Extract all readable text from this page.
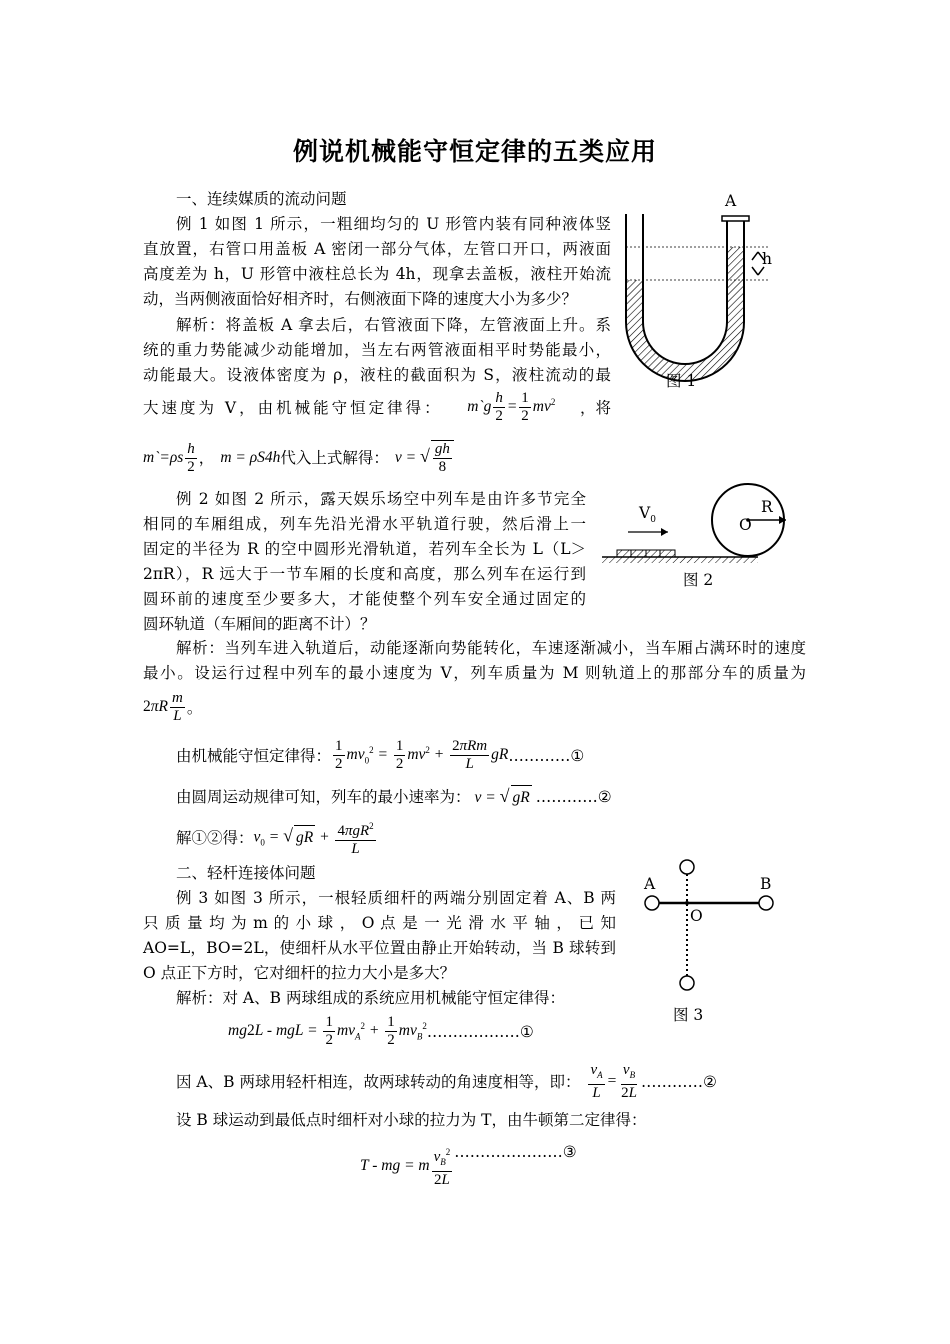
例说机械能守恒定律的五类应用
一、连续媒质的流动问题
例 1 如图 1 所示，一粗细均匀的 U 形管内装有同种液体竖
直放置，右管口用盖板 A 密闭一部分气体，左管口开口，两液面
高度差为 h，U 形管中液柱总长为 4h，现拿去盖板，液柱开始流
动，当两侧液面恰好相齐时，右侧液面下降的速度大小为多少？
解析：将盖板 A 拿去后，右管液面下降，左管液面上升。系
统的重力势能减少动能增加，当左右两管液面相平时势能最小，
动能最大。设液体密度为 ρ，液柱的截面积为 S，液柱流动的最
大速度为 V，由机械能守恒定律得： m`g $\frac{h}{2} = \frac{1}{2} mv^2$ ，将
m`=ρs $\frac{h}{2}$ ， m = ρS4h 代入上式解得： v = √ $\frac{gh}{8}$
A
h
图 1
例 2 如图 2 所示，露天娱乐场空中列车是由许多节完全
相同的车厢组成，列车先沿光滑水平轨道行驶，然后滑上一
固定的半径为 R 的空中圆形光滑轨道，若列车全长为 L（L＞
2πR），R 远大于一节车厢的长度和高度，那么列车在运行到
圆环前的速度至少要多大，才能使整个列车安全通过固定的
圆环轨道（车厢间的距离不计）？
解析：当列车进入轨道后，动能逐渐向势能转化，车速逐渐减小，当车厢占满环时的速度
最小。设运行过程中列车的最小速度为 V，列车质量为 M 则轨道上的那部分车的质量为
$2\pi R \frac{m}{L}$ 。
由机械能守恒定律得： $\frac{1}{2} mv_0^2 = \frac{1}{2} mv^2 + \frac{\text{2πRm}}{L}$ gR …………①
由圆周运动规律可知，列车的最小速率为： v = √ gR …………②
解①②得： $v_0$ = √ gR + $\frac{4\pi gR^2}{L}$
$V_0$
R
O
图 2
二、轻杆连接体问题
例 3 如图 3 所示，一根轻质细杆的两端分别固定着 A、B 两
只 质 量 均 为 m 的 小 球 ， O 点 是 一 光 滑 水 平 轴 ， 已 知
AO=L，BO=2L，使细杆从水平位置由静止开始转动，当 B 球转到
O 点正下方时，它对细杆的拉力大小是多大？
解析：对 A、B 两球组成的系统应用机械能守恒定律得：
mg2L - mgL = $\frac{1}{2} mv_A^2 + \frac{1}{2} mv_B^2$ ………………①
因 A、B 两球用轻杆相连，故两球转动的角速度相等，即： $\frac{v_A}{L} = \frac{v_B}{2L}$ …………②
设 B 球运动到最低点时细杆对小球的拉力为 T，由牛顿第二定律得：
T - mg = m $\frac{v_B^2}{2L}$ …………………③
A	B
O
图 3
